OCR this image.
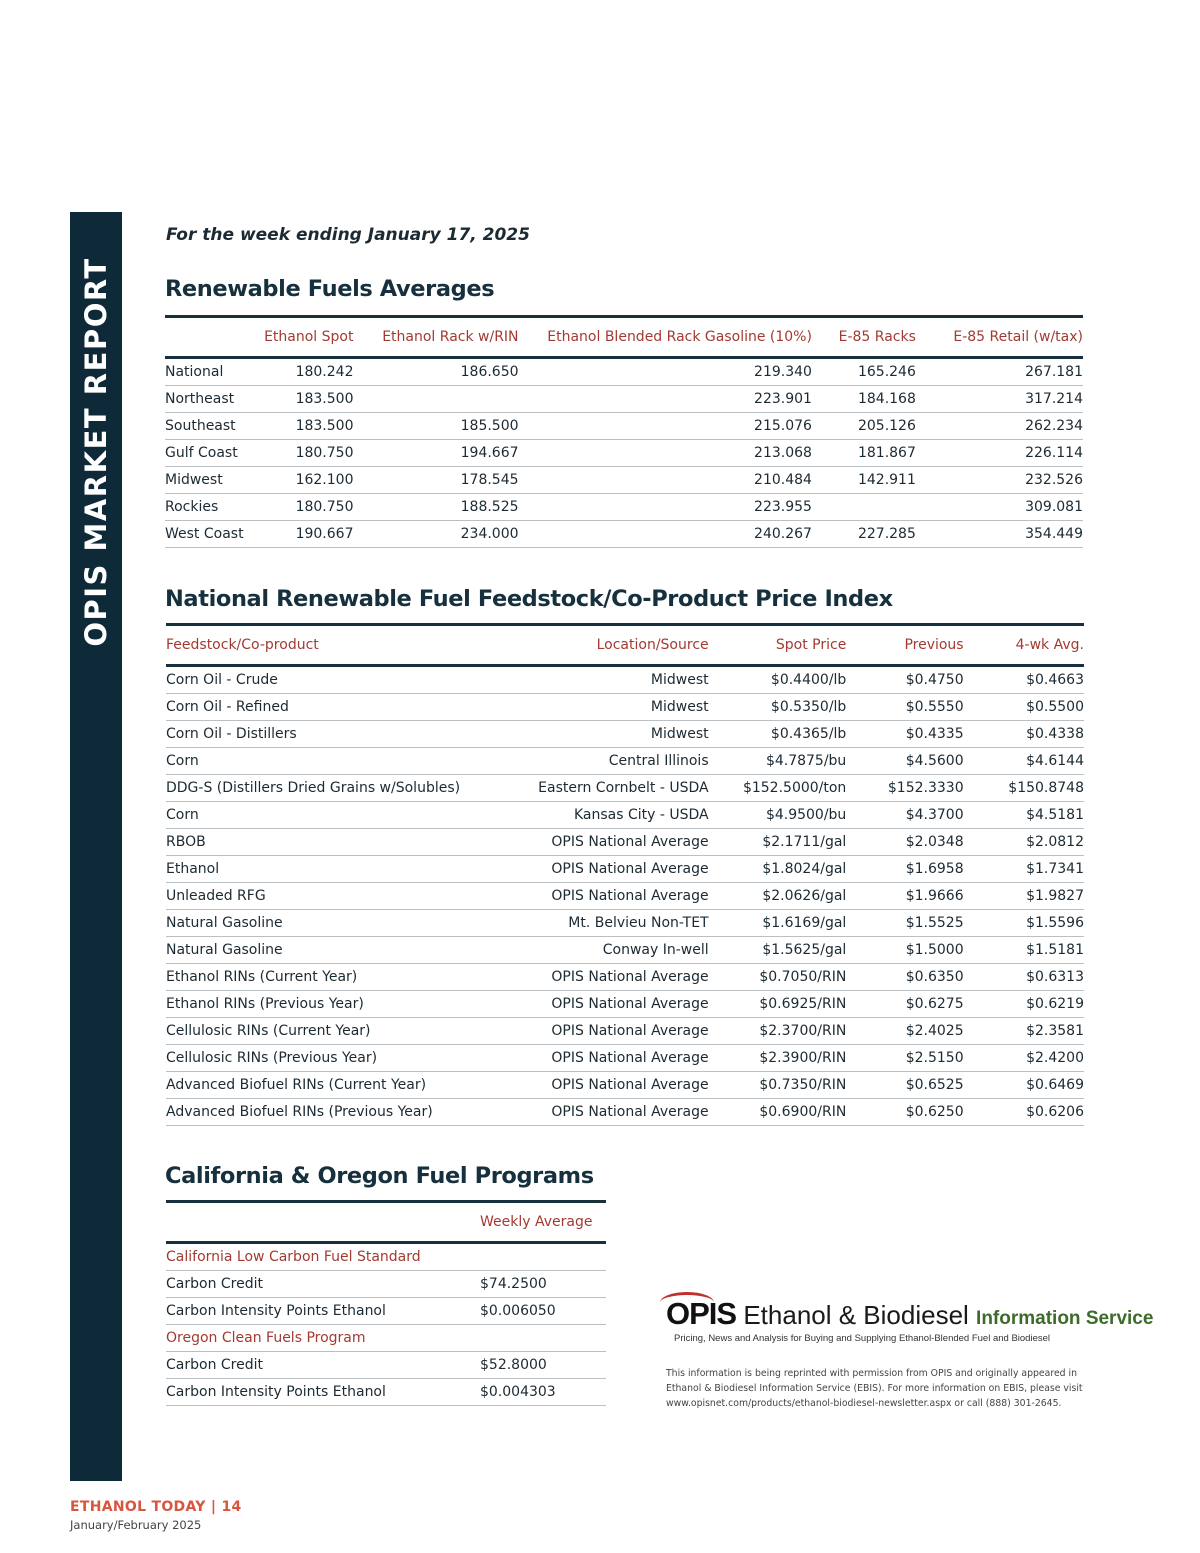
OPIS MARKET REPORT
For the week ending January 17, 2025
Renewable Fuels Averages
	Ethanol Spot	Ethanol Rack w/RIN	Ethanol Blended Rack Gasoline (10%)	E-85 Racks	E-85 Retail (w/tax)
National	180.242	186.650	219.340	165.246	267.181
Northeast	183.500		223.901	184.168	317.214
Southeast	183.500	185.500	215.076	205.126	262.234
Gulf Coast	180.750	194.667	213.068	181.867	226.114
Midwest	162.100	178.545	210.484	142.911	232.526
Rockies	180.750	188.525	223.955		309.081
West Coast	190.667	234.000	240.267	227.285	354.449
National Renewable Fuel Feedstock/Co-Product Price Index
Feedstock/Co-product	Location/Source	Spot Price	Previous	4-wk Avg.
Corn Oil - Crude	Midwest	$0.4400/lb	$0.4750	$0.4663
Corn Oil - Refined	Midwest	$0.5350/lb	$0.5550	$0.5500
Corn Oil - Distillers	Midwest	$0.4365/lb	$0.4335	$0.4338
Corn	Central Illinois	$4.7875/bu	$4.5600	$4.6144
DDG-S (Distillers Dried Grains w/Solubles)	Eastern Cornbelt - USDA	$152.5000/ton	$152.3330	$150.8748
Corn	Kansas City - USDA	$4.9500/bu	$4.3700	$4.5181
RBOB	OPIS National Average	$2.1711/gal	$2.0348	$2.0812
Ethanol	OPIS National Average	$1.8024/gal	$1.6958	$1.7341
Unleaded RFG	OPIS National Average	$2.0626/gal	$1.9666	$1.9827
Natural Gasoline	Mt. Belvieu Non-TET	$1.6169/gal	$1.5525	$1.5596
Natural Gasoline	Conway In-well	$1.5625/gal	$1.5000	$1.5181
Ethanol RINs (Current Year)	OPIS National Average	$0.7050/RIN	$0.6350	$0.6313
Ethanol RINs (Previous Year)	OPIS National Average	$0.6925/RIN	$0.6275	$0.6219
Cellulosic RINs (Current Year)	OPIS National Average	$2.3700/RIN	$2.4025	$2.3581
Cellulosic RINs (Previous Year)	OPIS National Average	$2.3900/RIN	$2.5150	$2.4200
Advanced Biofuel RINs (Current Year)	OPIS National Average	$0.7350/RIN	$0.6525	$0.6469
Advanced Biofuel RINs (Previous Year)	OPIS National Average	$0.6900/RIN	$0.6250	$0.6206
California & Oregon Fuel Programs
	Weekly Average
California Low Carbon Fuel Standard	
Carbon Credit	$74.2500
Carbon Intensity Points Ethanol	$0.006050
Oregon Clean Fuels Program	
Carbon Credit	$52.8000
Carbon Intensity Points Ethanol	$0.004303
OPIS Ethanol & Biodiesel Information Service
Pricing, News and Analysis for Buying and Supplying Ethanol-Blended Fuel and Biodiesel
This information is being reprinted with permission from OPIS and originally appeared in Ethanol & Biodiesel Information Service (EBIS). For more information on EBIS, please visit www.opisnet.com/products/ethanol-biodiesel-newsletter.aspx or call (888) 301-2645.
ETHANOL TODAY | 14
January/February 2025
